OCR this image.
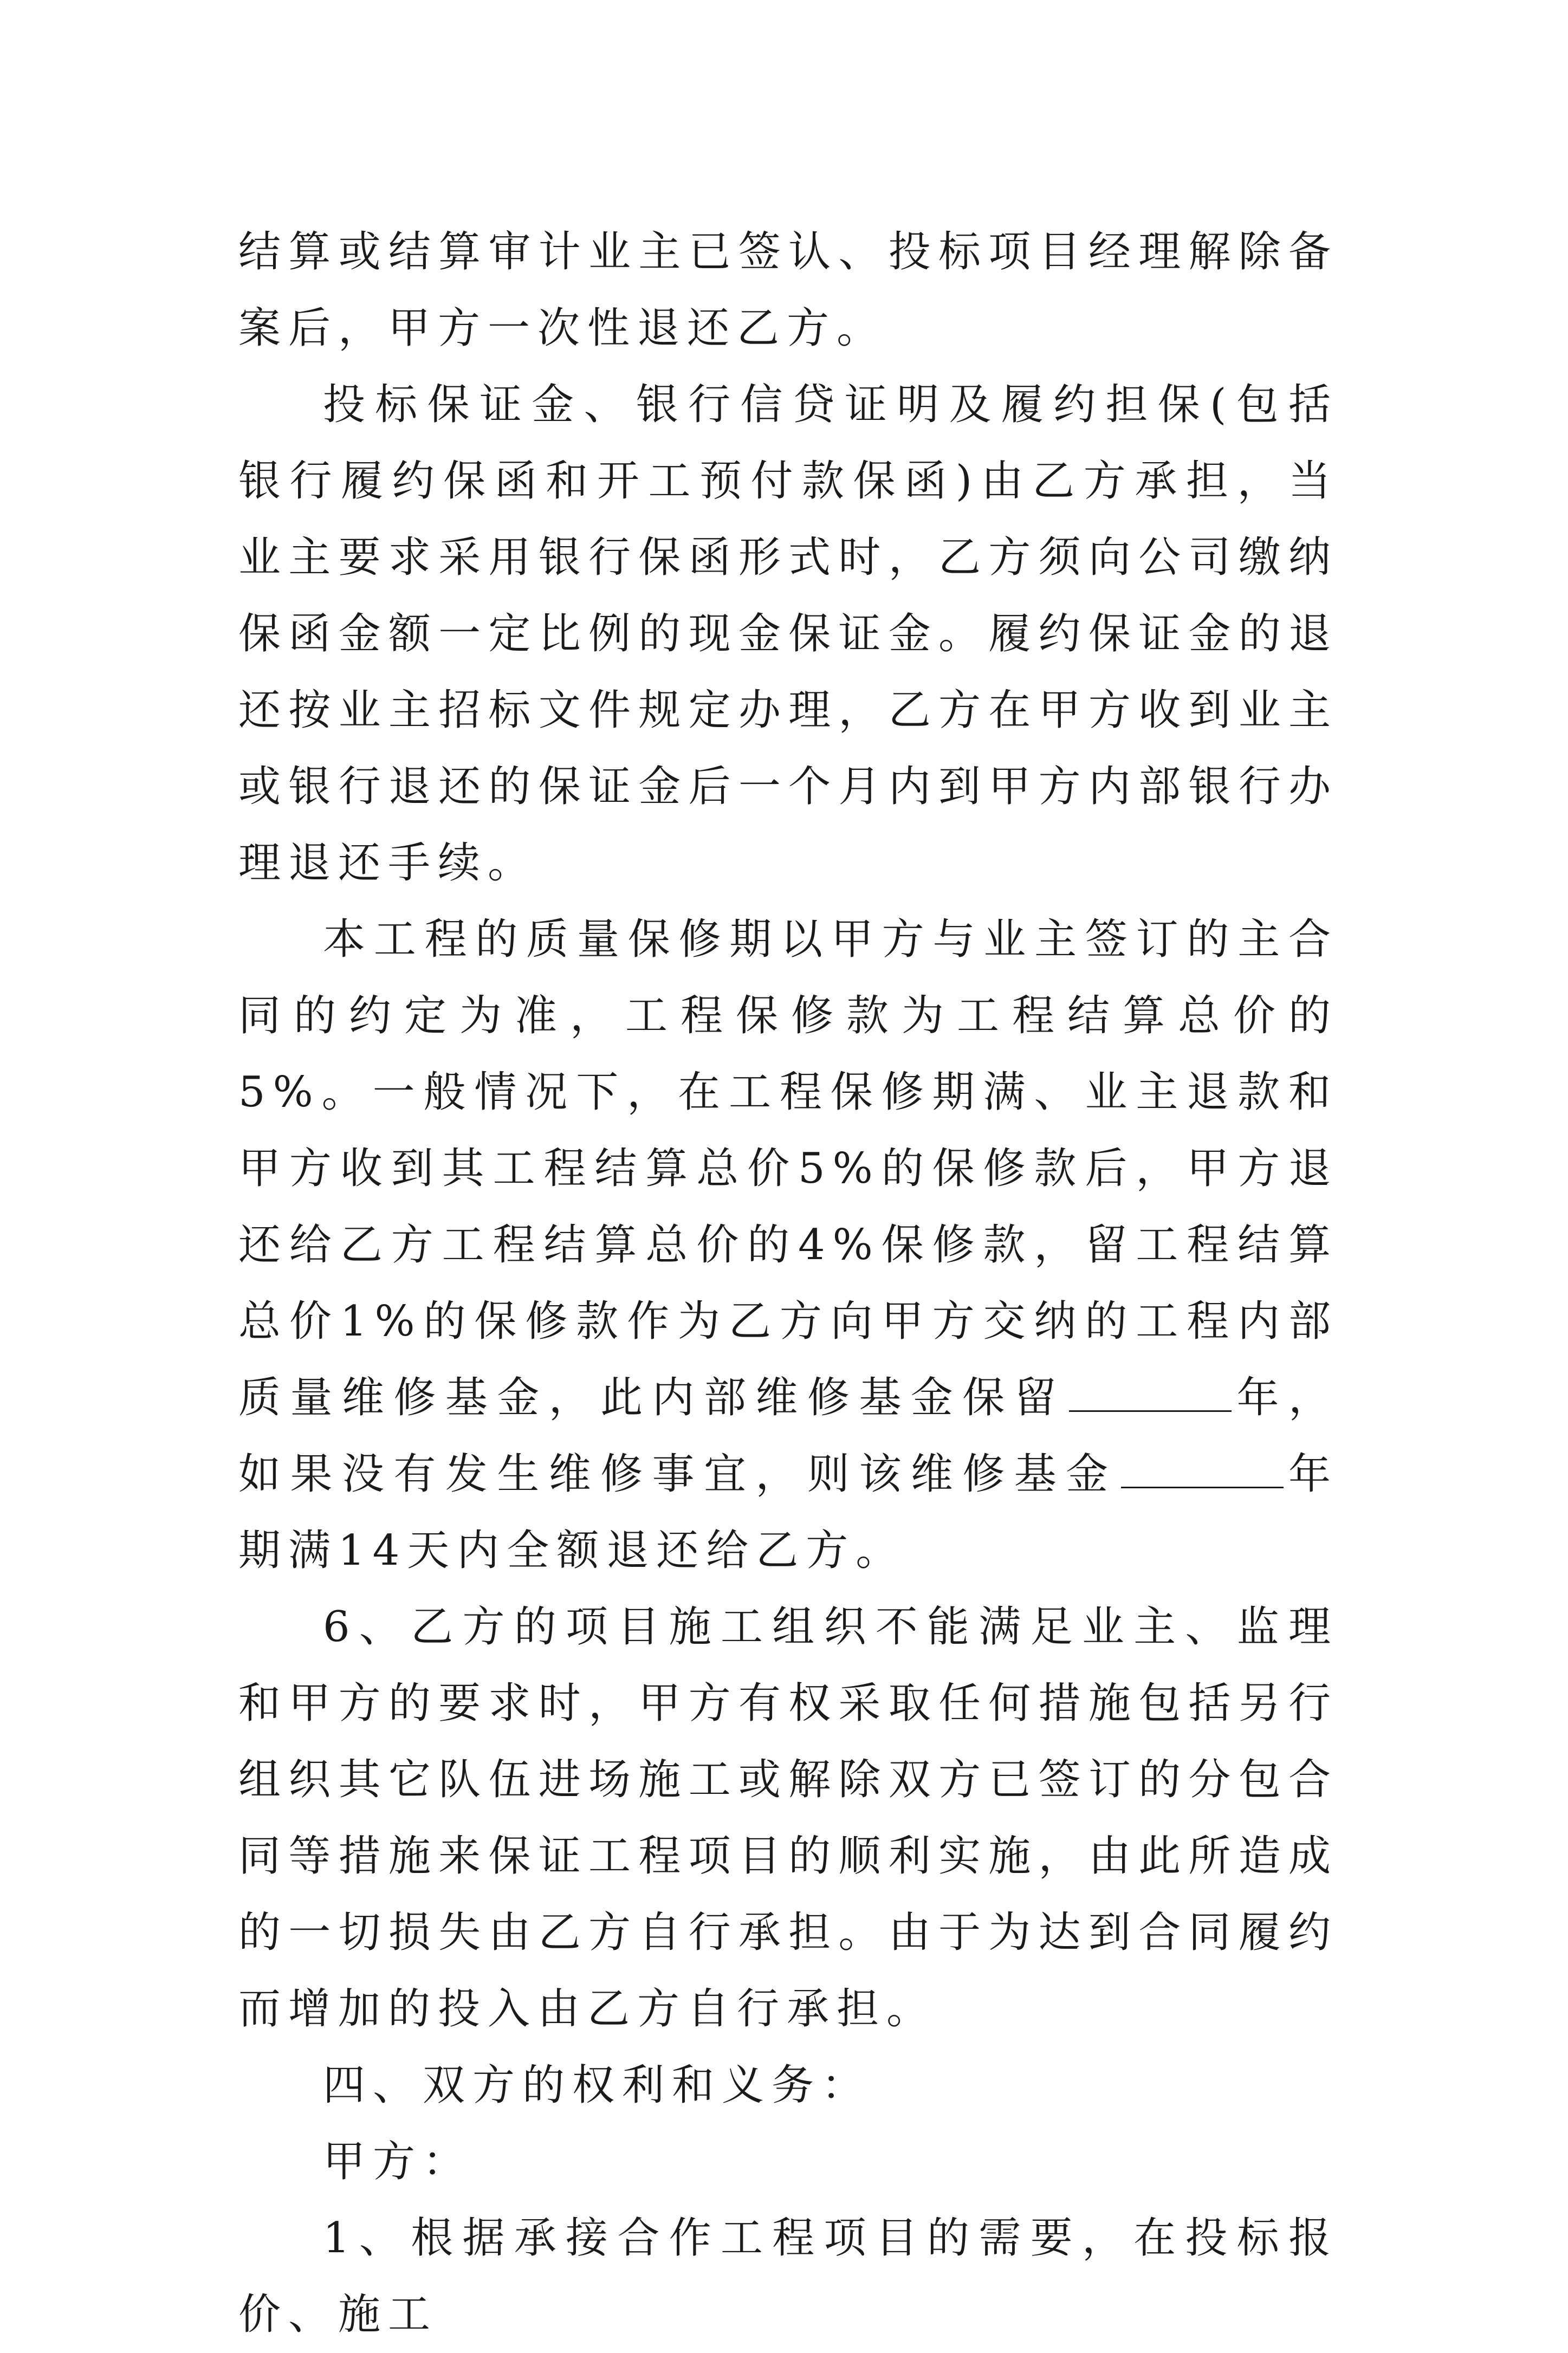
结算或结算审计业主已签认、投标项目经理解除备案后，甲方一次性退还乙方。

投标保证金、银行信贷证明及履约担保(包括银行履约保函和开工预付款保函)由乙方承担，当业主要求采用银行保函形式时，乙方须向公司缴纳保函金额一定比例的现金保证金。履约保证金的退还按业主招标文件规定办理，乙方在甲方收到业主或银行退还的保证金后一个月内到甲方内部银行办理退还手续。

本工程的质量保修期以甲方与业主签订的主合同的约定为准，工程保修款为工程结算总价的5%。一般情况下，在工程保修期满、业主退款和甲方收到其工程结算总价5%的保修款后，甲方退还给乙方工程结算总价的4%保修款，留工程结算总价1%的保修款作为乙方向甲方交纳的工程内部质量维修基金，此内部维修基金保留	年，如果没有发生维修事宜，则该维修基金	年期满14天内全额退还给乙方。

6、乙方的项目施工组织不能满足业主、监理和甲方的要求时，甲方有权采取任何措施包括另行组织其它队伍进场施工或解除双方已签订的分包合同等措施来保证工程项目的顺利实施，由此所造成的一切损失由乙方自行承担。由于为达到合同履约而增加的投入由乙方自行承担。

四、双方的权利和义务：

甲方：

1、根据承接合作工程项目的需要，在投标报价、施工
